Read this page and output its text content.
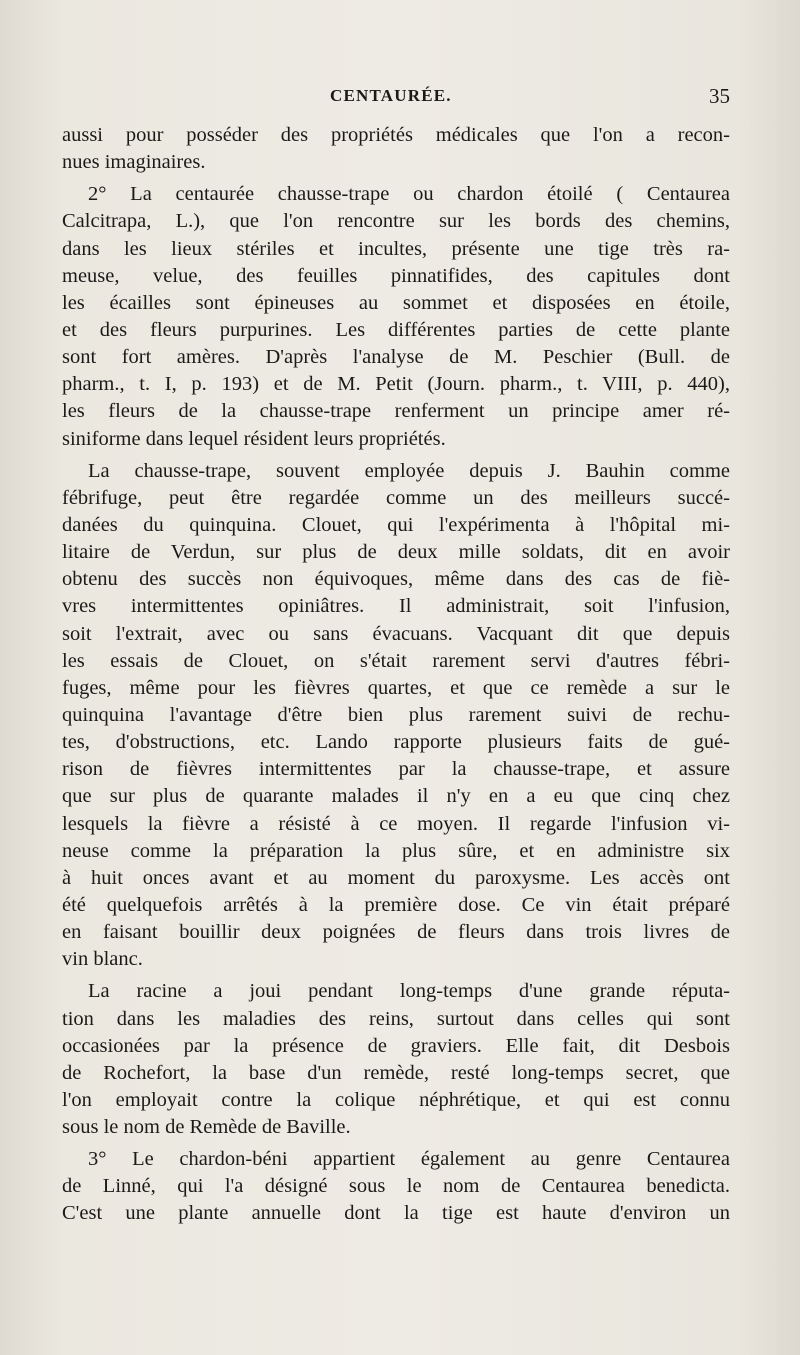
CENTAURÉE.	35
aussi pour posséder des propriétés médicales que l'on a recon-
nues imaginaires.
2° La centaurée chausse-trape ou chardon étoilé ( Centaurea
Calcitrapa, L.), que l'on rencontre sur les bords des chemins,
dans les lieux stériles et incultes, présente une tige très ra-
meuse, velue, des feuilles pinnatifides, des capitules dont
les écailles sont épineuses au sommet et disposées en étoile,
et des fleurs purpurines. Les différentes parties de cette plante
sont fort amères. D'après l'analyse de M. Peschier (Bull. de
pharm., t. I, p. 193) et de M. Petit (Journ. pharm., t. VIII, p. 440),
les fleurs de la chausse-trape renferment un principe amer ré-
siniforme dans lequel résident leurs propriétés.
La chausse-trape, souvent employée depuis J. Bauhin comme
fébrifuge, peut être regardée comme un des meilleurs succé-
danées du quinquina. Clouet, qui l'expérimenta à l'hôpital mi-
litaire de Verdun, sur plus de deux mille soldats, dit en avoir
obtenu des succès non équivoques, même dans des cas de fiè-
vres intermittentes opiniâtres. Il administrait, soit l'infusion,
soit l'extrait, avec ou sans évacuans. Vacquant dit que depuis
les essais de Clouet, on s'était rarement servi d'autres fébri-
fuges, même pour les fièvres quartes, et que ce remède a sur le
quinquina l'avantage d'être bien plus rarement suivi de rechu-
tes, d'obstructions, etc. Lando rapporte plusieurs faits de gué-
rison de fièvres intermittentes par la chausse-trape, et assure
que sur plus de quarante malades il n'y en a eu que cinq chez
lesquels la fièvre a résisté à ce moyen. Il regarde l'infusion vi-
neuse comme la préparation la plus sûre, et en administre six
à huit onces avant et au moment du paroxysme. Les accès ont
été quelquefois arrêtés à la première dose. Ce vin était préparé
en faisant bouillir deux poignées de fleurs dans trois livres de
vin blanc.
La racine a joui pendant long-temps d'une grande réputa-
tion dans les maladies des reins, surtout dans celles qui sont
occasionées par la présence de graviers. Elle fait, dit Desbois
de Rochefort, la base d'un remède, resté long-temps secret, que
l'on employait contre la colique néphrétique, et qui est connu
sous le nom de Remède de Baville.
3° Le chardon-béni appartient également au genre Centaurea
de Linné, qui l'a désigné sous le nom de Centaurea benedicta.
C'est une plante annuelle dont la tige est haute d'environ un
